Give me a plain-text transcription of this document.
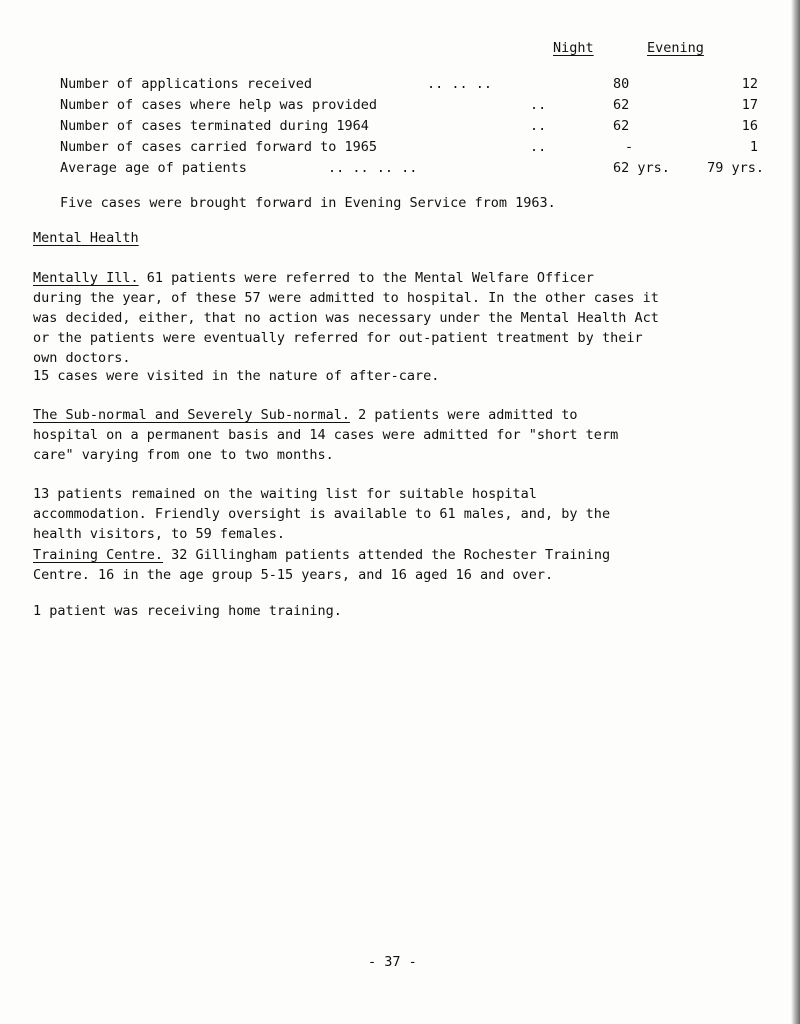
Night	Evening
Number of applications received	.. .. ..	80	12
Number of cases where help was provided	..	62	17
Number of cases terminated during 1964	..	62	16
Number of cases carried forward to 1965	..	-	1
Average age of patients	.. .. .. ..	62 yrs.	79 yrs.
Five cases were brought forward in Evening Service from 1963.
Mental Health

Mentally Ill. 61 patients were referred to the Mental Welfare Officer

during the year, of these 57 were admitted to hospital. In the other cases it

was decided, either, that no action was necessary under the Mental Health Act

or the patients were eventually referred for out-patient treatment by their

own doctors.

15 cases were visited in the nature of after-care.

The Sub-normal and Severely Sub-normal. 2 patients were admitted to

hospital on a permanent basis and 14 cases were admitted for "short term

care" varying from one to two months.

13 patients remained on the waiting list for suitable hospital

accommodation. Friendly oversight is available to 61 males, and, by the

health visitors, to 59 females.

Training Centre. 32 Gillingham patients attended the Rochester Training

Centre. 16 in the age group 5-15 years, and 16 aged 16 and over.

1 patient was receiving home training.
- 37 -
